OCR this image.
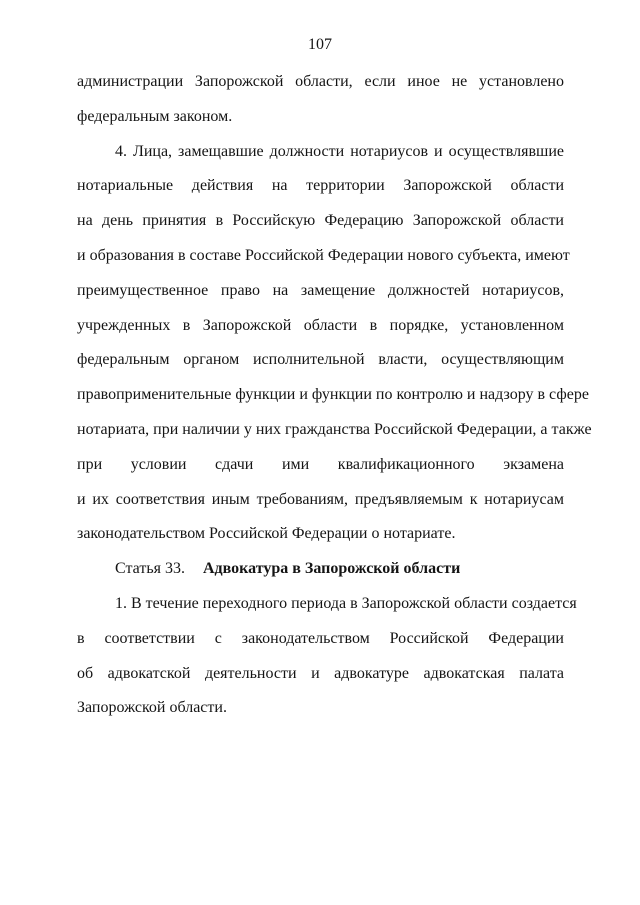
107
администрации Запорожской области, если иное не установлено
федеральным законом.
4. Лица, замещавшие должности нотариусов и осуществлявшие
нотариальные действия на территории Запорожской области
на день принятия в Российскую Федерацию Запорожской области
и образования в составе Российской Федерации нового субъекта, имеют
преимущественное право на замещение должностей нотариусов,
учрежденных в Запорожской области в порядке, установленном
федеральным органом исполнительной власти, осуществляющим
правоприменительные функции и функции по контролю и надзору в сфере
нотариата, при наличии у них гражданства Российской Федерации, а также
при условии сдачи ими квалификационного экзамена
и их соответствия иным требованиям, предъявляемым к нотариусам
законодательством Российской Федерации о нотариате.
Статья 33. Адвокатура в Запорожской области
1. В течение переходного периода в Запорожской области создается
в соответствии с законодательством Российской Федерации
об адвокатской деятельности и адвокатуре адвокатская палата
Запорожской области.
